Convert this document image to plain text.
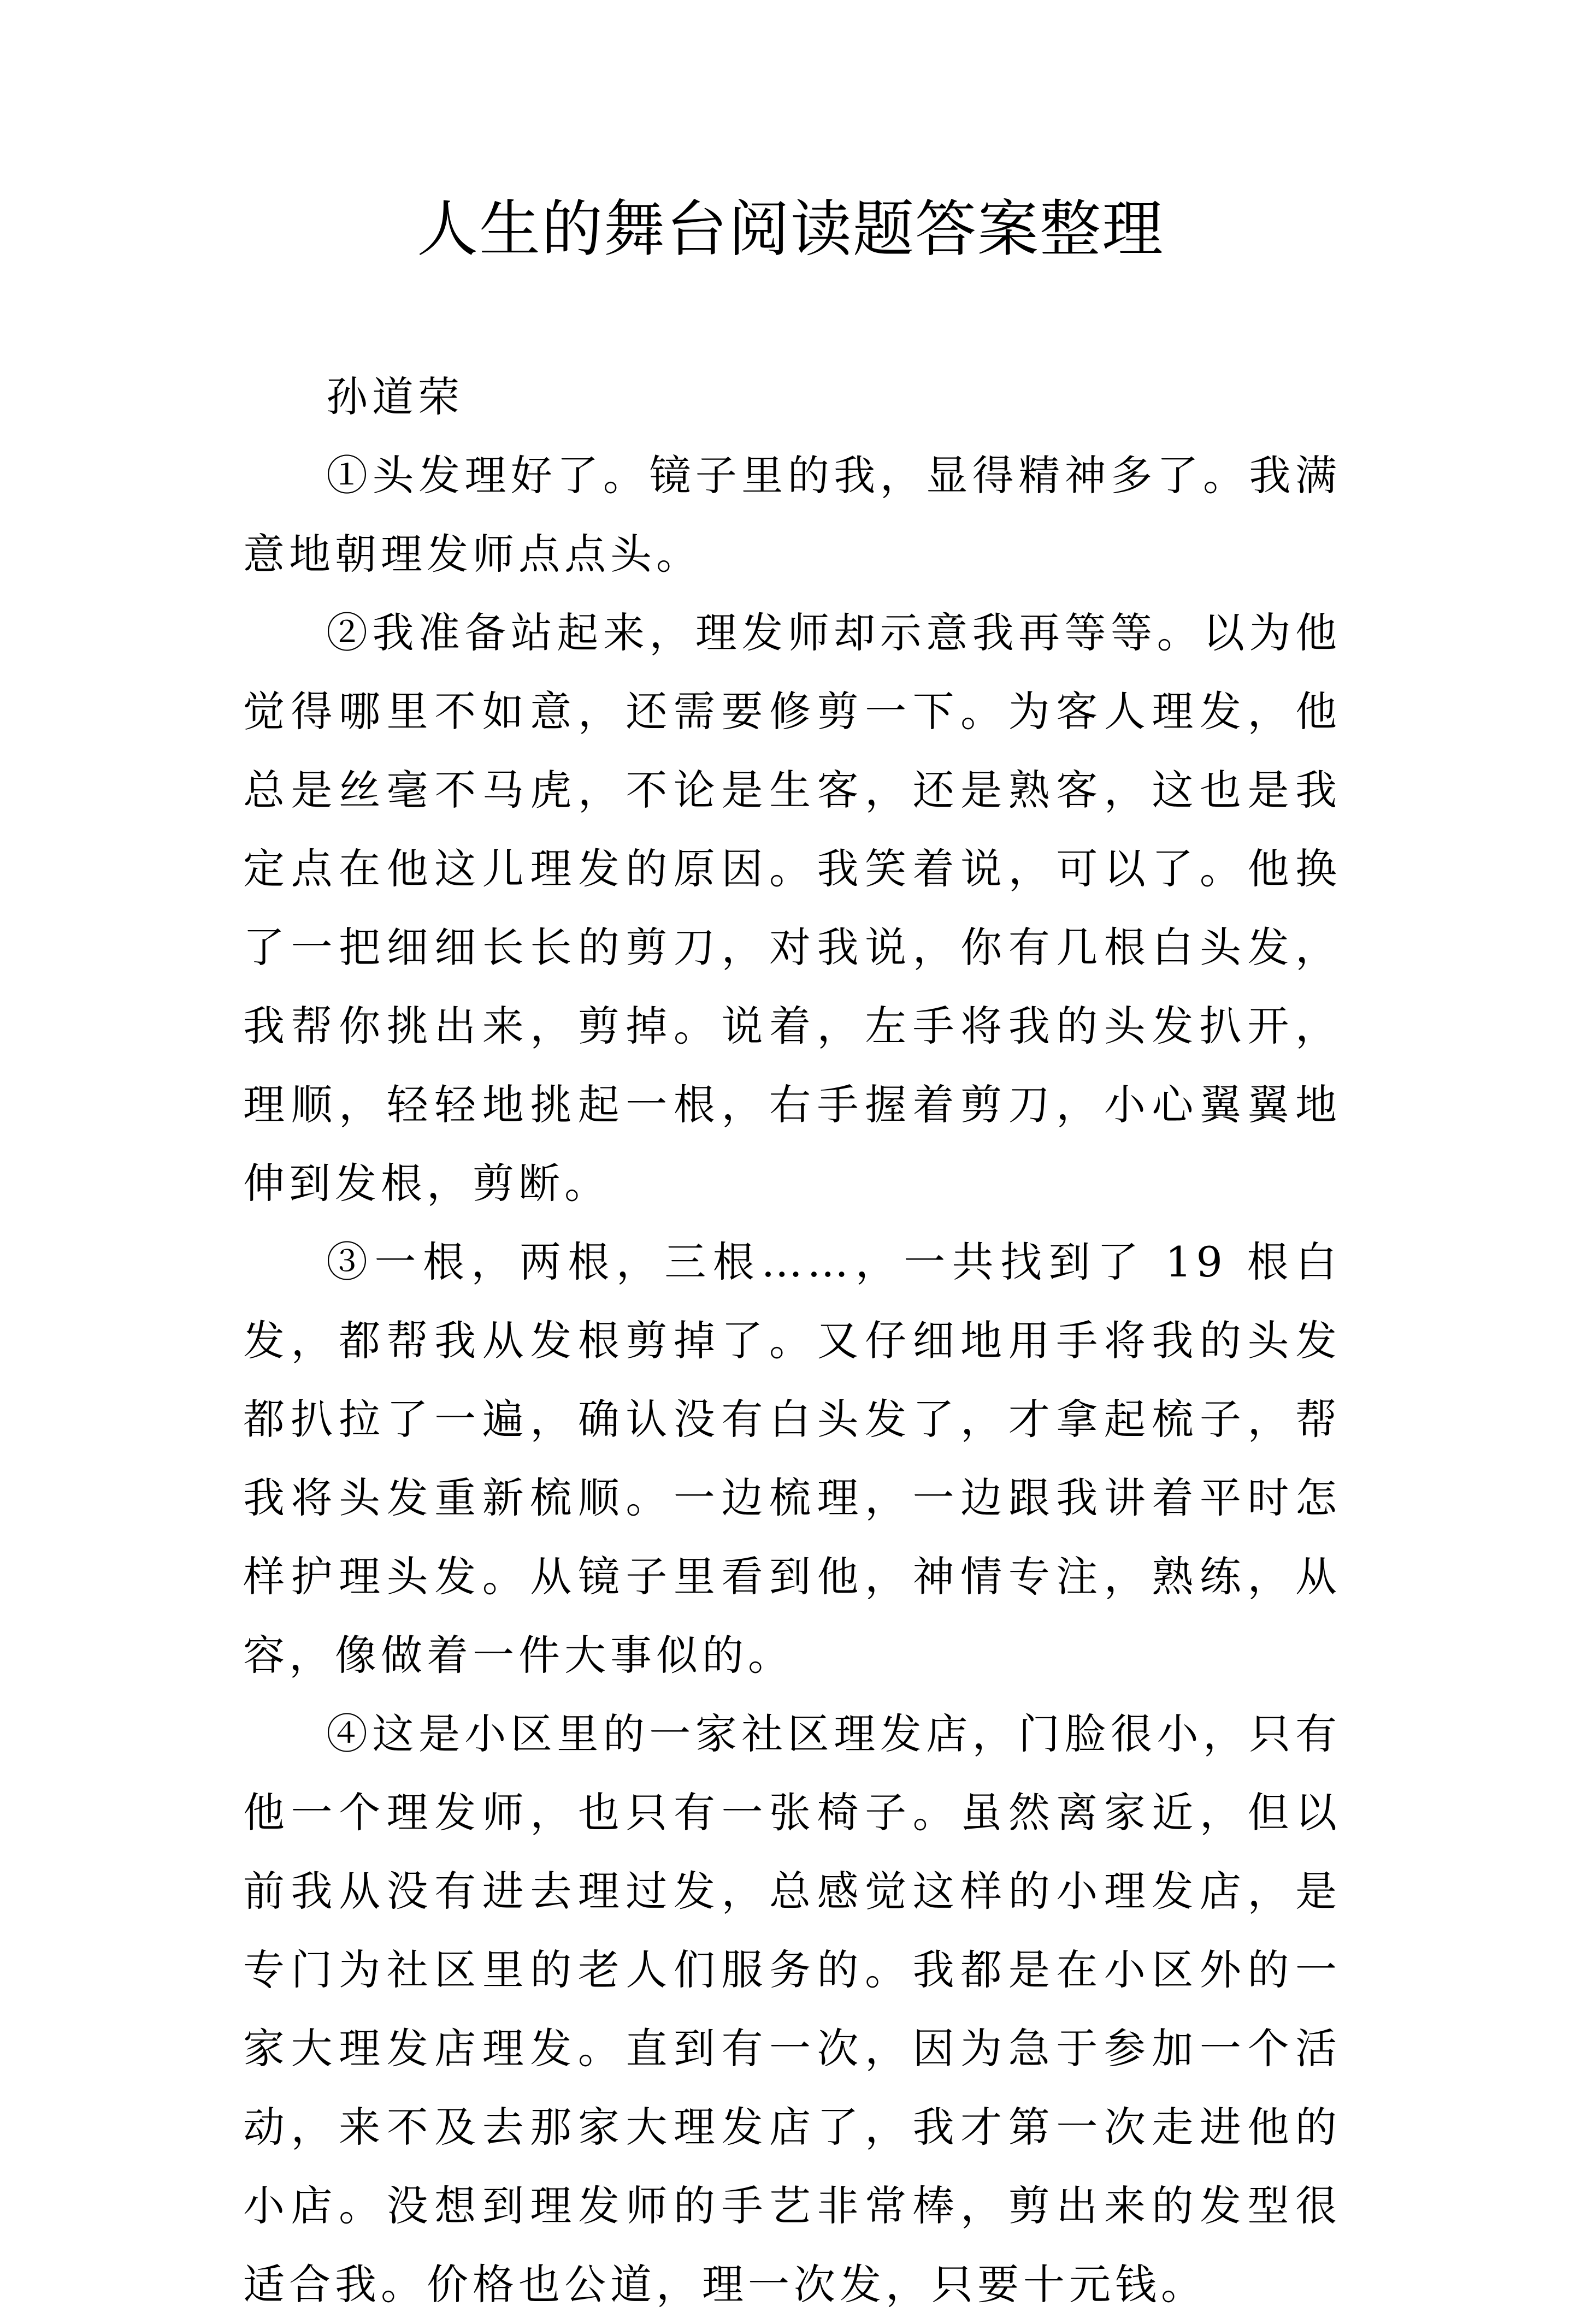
人生的舞台阅读题答案整理

孙道荣

①头发理好了。镜子里的我，显得精神多了。我满意地朝理发师点点头。

②我准备站起来，理发师却示意我再等等。以为他觉得哪里不如意，还需要修剪一下。为客人理发，他总是丝毫不马虎，不论是生客，还是熟客，这也是我定点在他这儿理发的原因。我笑着说，可以了。他换了一把细细长长的剪刀，对我说，你有几根白头发，我帮你挑出来，剪掉。说着，左手将我的头发扒开，理顺，轻轻地挑起一根，右手握着剪刀，小心翼翼地伸到发根，剪断。

③一根，两根，三根……，一共找到了 19 根白发，都帮我从发根剪掉了。又仔细地用手将我的头发都扒拉了一遍，确认没有白头发了，才拿起梳子，帮我将头发重新梳顺。一边梳理，一边跟我讲着平时怎样护理头发。从镜子里看到他，神情专注，熟练，从容，像做着一件大事似的。

④这是小区里的一家社区理发店，门脸很小，只有他一个理发师，也只有一张椅子。虽然离家近，但以前我从没有进去理过发，总感觉这样的小理发店，是专门为社区里的老人们服务的。我都是在小区外的一家大理发店理发。直到有一次，因为急于参加一个活动，来不及去那家大理发店了，我才第一次走进他的小店。没想到理发师的手艺非常棒，剪出来的发型很适合我。价格也公道，理一次发，只要十元钱。
